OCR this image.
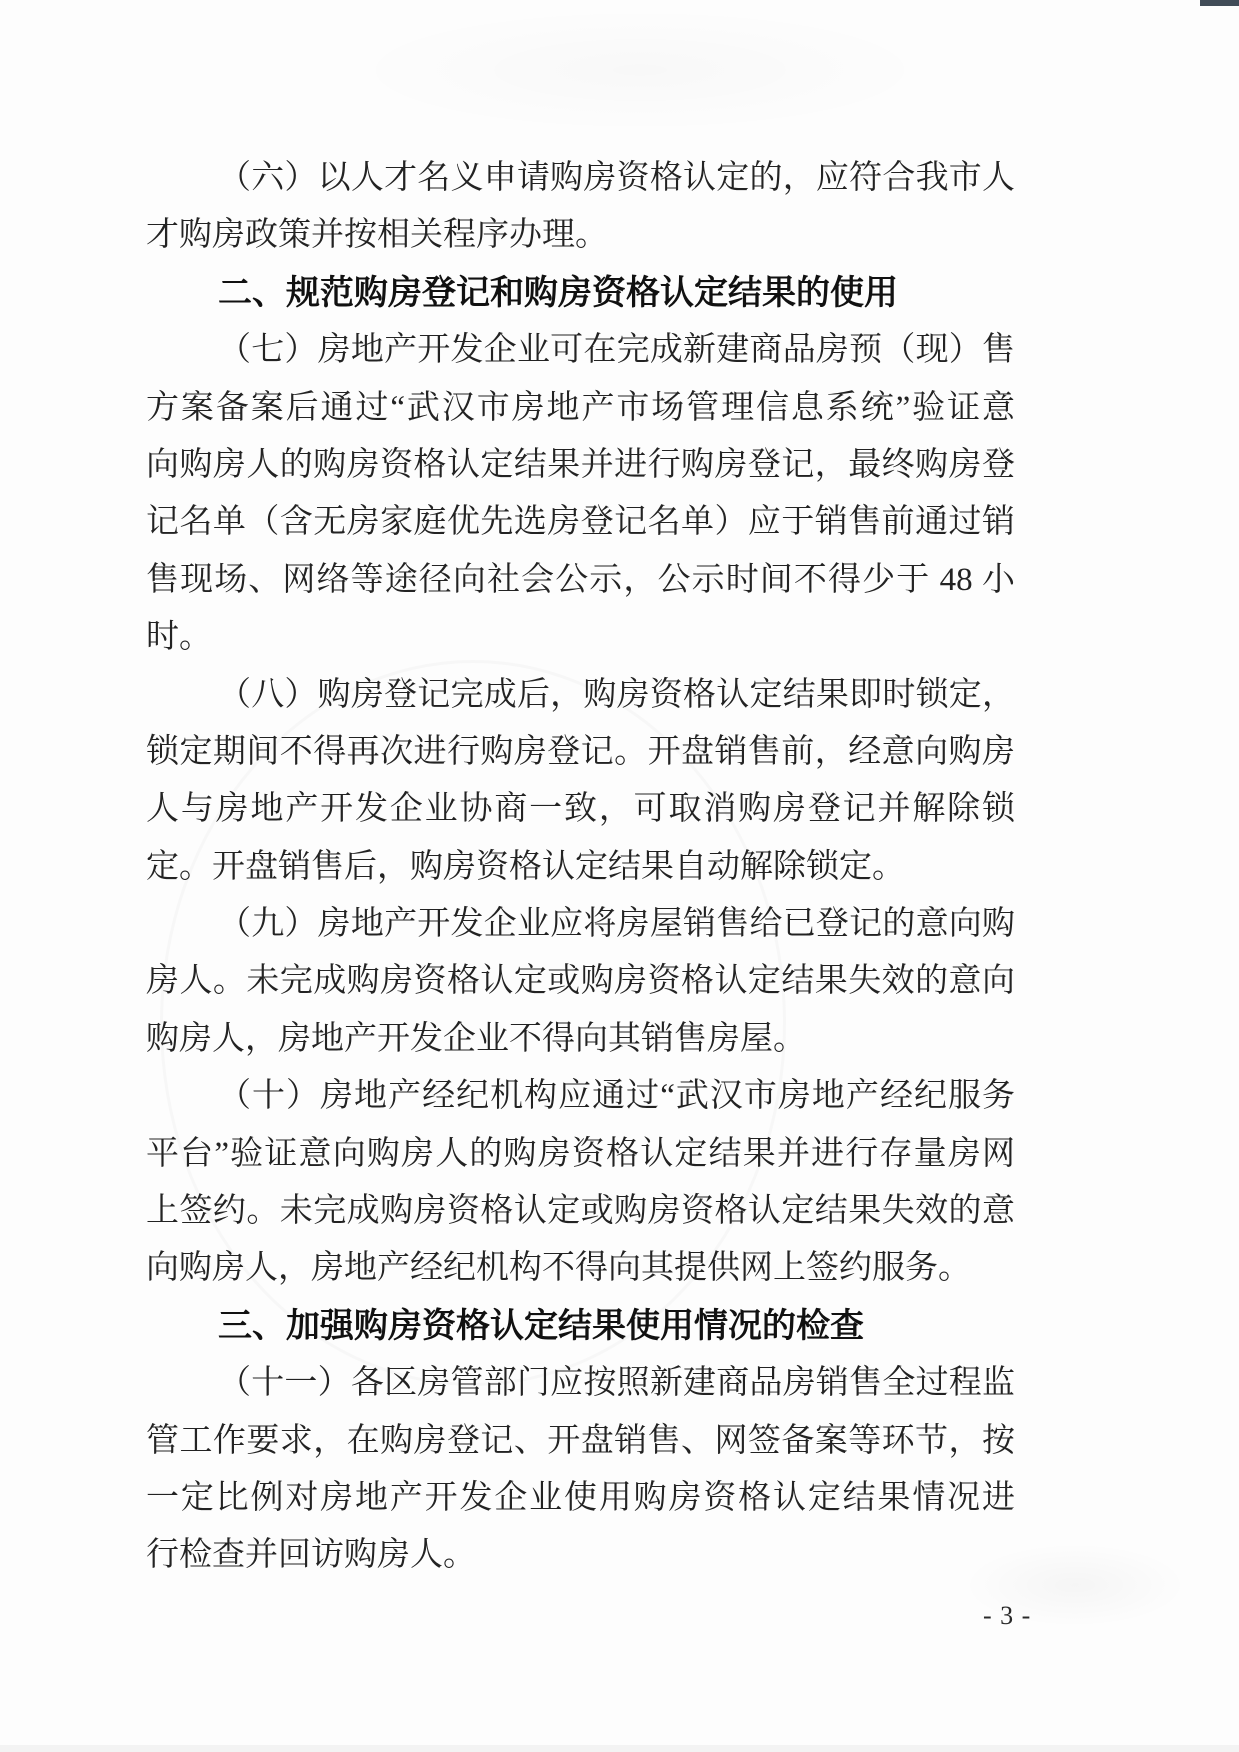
（六）以人才名义申请购房资格认定的，应符合我市人
才购房政策并按相关程序办理。
二、规范购房登记和购房资格认定结果的使用
（七）房地产开发企业可在完成新建商品房预（现）售
方案备案后通过“武汉市房地产市场管理信息系统”验证意
向购房人的购房资格认定结果并进行购房登记，最终购房登
记名单（含无房家庭优先选房登记名单）应于销售前通过销
售现场、网络等途径向社会公示，公示时间不得少于 48 小
时。
（八）购房登记完成后，购房资格认定结果即时锁定，
锁定期间不得再次进行购房登记。开盘销售前，经意向购房
人与房地产开发企业协商一致，可取消购房登记并解除锁
定。开盘销售后，购房资格认定结果自动解除锁定。
（九）房地产开发企业应将房屋销售给已登记的意向购
房人。未完成购房资格认定或购房资格认定结果失效的意向
购房人，房地产开发企业不得向其销售房屋。
（十）房地产经纪机构应通过“武汉市房地产经纪服务
平台”验证意向购房人的购房资格认定结果并进行存量房网
上签约。未完成购房资格认定或购房资格认定结果失效的意
向购房人，房地产经纪机构不得向其提供网上签约服务。
三、加强购房资格认定结果使用情况的检查
（十一）各区房管部门应按照新建商品房销售全过程监
管工作要求，在购房登记、开盘销售、网签备案等环节，按
一定比例对房地产开发企业使用购房资格认定结果情况进
行检查并回访购房人。
- 3 -
